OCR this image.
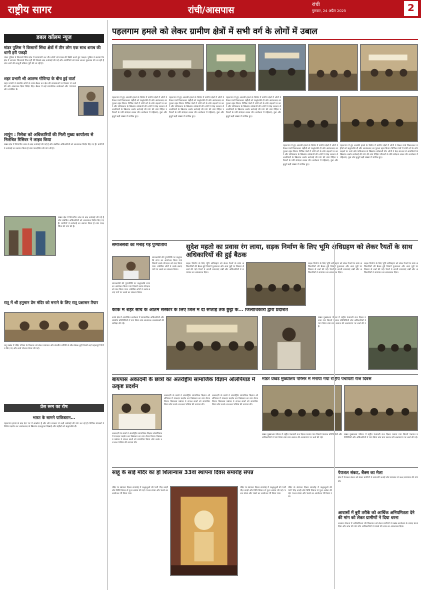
राष्ट्रीय सागर	रांची/आसपास
रांची
गुरुवार, 24 अप्रैल 2025	2
डबल कॉलम न्यूज
मांडर पुलिस ने किसानों सिंधा क्षेत्रों में तीन लोग एक साथ शराब की धानी हरी पकड़ी
मांडर पुलिस ने किसानों सिंधा क्षेत्र में छापामारी कर तीन लोगों को शराब की बिक्री करते हुए पकड़ा। पुलिस ने बताया कि क्षेत्र में लगातार शिकायतें मिल रही थीं जिसके बाद कार्रवाई की गई और आरोपियों को थाना लाकर पूछताछ की जा रही है तथा आगे की कानूनी प्रक्रिया पूरी की जा रही है।
शहर प्रभारी श्री आलम्ब गोविन्दा के बीच हुई वार्ता
शहर प्रभारी ने स्थानीय लोगों के साथ बैठक कर क्षेत्र की समस्याओं पर विस्तार से चर्चा की और आवश्यक दिशा निर्देश दिए। बैठक में कई सामाजिक कार्यकर्ता और गणमान्य लोग उपस्थित थे।
लापुंग : रिसेवा को अधिकारियों की मिली मुख्य कार्यालय से निलंबित रिसिवर ने लाइव किया
प्रखंड क्षेत्र में विभागीय जांच के बाद कार्रवाई की गई है और संबंधित अधिकारियों को आवश्यक निर्देश दिए गए हैं। ग्रामीणों ने कार्रवाई का स्वागत किया है तथा पारदर्शिता की मांग की है।
प्रखंड क्षेत्र में विभागीय जांच के बाद कार्रवाई की गई है और संबंधित अधिकारियों को आवश्यक निर्देश दिए गए हैं। ग्रामीणों ने कार्रवाई का स्वागत किया है तथा पारदर्शिता की मांग की है।
रातू में श्री हनुमान प्रेम मंदिर को मनाने के लिए रातू प्रशासन तैयार
रातू प्रखंड में मंदिर परिसर के विकास को लेकर प्रशासन और स्थानीय समिति के बीच बैठक हुई जिसमें कई महत्वपूर्ण निर्णय लिए गए और कार्य योजना तैयार की गई।
प्रेस रूम का रोष
भारत के सामने पाकिस्तान...
पहलगाम हमले के बाद देश भर में आक्रोश है और लोग सरकार से कड़ी कार्रवाई की मांग कर रहे हैं। विभिन्न संगठनों ने विरोध प्रदर्शन कर आतंकवाद के खिलाफ एकजुटता दिखाई और शहीदों को श्रद्धांजलि दी।
पहलगाम हमले को लेकर ग्रामीण क्षेत्रों में सभी वर्ग के लोगों में उबाल
पहलगाम में हुए आतंकी हमले के विरोध में ग्रामीण क्षेत्रों में लोगों ने कैंडल मार्च निकालकर शहीदों को श्रद्धांजलि दी और आतंकवाद का पुतला दहन किया। विभिन्न गांवों में सभी वर्ग के लोग सड़कों पर उतरे और पाकिस्तान के खिलाफ नारेबाजी की। लोगों ने केंद्र सरकार से आतंकियों के खिलाफ कठोर कार्रवाई की मांग की तथा पीड़ित परिवारों के प्रति संवेदना व्यक्त की। कार्यक्रम में महिलाएं, युवा और बुजुर्ग बड़ी संख्या में शामिल हुए।
पहलगाम में हुए आतंकी हमले के विरोध में ग्रामीण क्षेत्रों में लोगों ने कैंडल मार्च निकालकर शहीदों को श्रद्धांजलि दी और आतंकवाद का पुतला दहन किया। विभिन्न गांवों में सभी वर्ग के लोग सड़कों पर उतरे और पाकिस्तान के खिलाफ नारेबाजी की। लोगों ने केंद्र सरकार से आतंकियों के खिलाफ कठोर कार्रवाई की मांग की तथा पीड़ित परिवारों के प्रति संवेदना व्यक्त की। कार्यक्रम में महिलाएं, युवा और बुजुर्ग बड़ी संख्या में शामिल हुए।
पहलगाम में हुए आतंकी हमले के विरोध में ग्रामीण क्षेत्रों में लोगों ने कैंडल मार्च निकालकर शहीदों को श्रद्धांजलि दी और आतंकवाद का पुतला दहन किया। विभिन्न गांवों में सभी वर्ग के लोग सड़कों पर उतरे और पाकिस्तान के खिलाफ नारेबाजी की। लोगों ने केंद्र सरकार से आतंकियों के खिलाफ कठोर कार्रवाई की मांग की तथा पीड़ित परिवारों के प्रति संवेदना व्यक्त की। कार्यक्रम में महिलाएं, युवा और बुजुर्ग बड़ी संख्या में शामिल हुए।
पहलगाम में हुए आतंकी हमले के विरोध में ग्रामीण क्षेत्रों में लोगों ने कैंडल मार्च निकालकर शहीदों को श्रद्धांजलि दी और आतंकवाद का पुतला दहन किया। विभिन्न गांवों में सभी वर्ग के लोग सड़कों पर उतरे और पाकिस्तान के खिलाफ नारेबाजी की। लोगों ने केंद्र सरकार से आतंकियों के खिलाफ कठोर कार्रवाई की मांग की तथा पीड़ित परिवारों के प्रति संवेदना व्यक्त की। कार्यक्रम में महिलाएं, युवा और बुजुर्ग बड़ी संख्या में शामिल हुए।
पहलगाम में हुए आतंकी हमले के विरोध में ग्रामीण क्षेत्रों में लोगों ने कैंडल मार्च निकालकर शहीदों को श्रद्धांजलि दी और आतंकवाद का पुतला दहन किया। विभिन्न गांवों में सभी वर्ग के लोग सड़कों पर उतरे और पाकिस्तान के खिलाफ नारेबाजी की। लोगों ने केंद्र सरकार से आतंकियों के खिलाफ कठोर कार्रवाई की मांग की तथा पीड़ित परिवारों के प्रति संवेदना व्यक्त की। कार्यक्रम में महिलाएं, युवा और बुजुर्ग बड़ी संख्या में शामिल हुए।
समाजसेवी का मनाई गई पुण्यतिथि
समाजसेवी की पुण्यतिथि पर श्रद्धांजलि सभा का आयोजन किया गया जिसमें उनके योगदान को याद किया गया। उपस्थित लोगों ने उनके बताए मार्ग पर चलने का संकल्प लिया।
समाजसेवी की पुण्यतिथि पर श्रद्धांजलि सभा का आयोजन किया गया जिसमें उनके योगदान को याद किया गया। उपस्थित लोगों ने उनके बताए मार्ग पर चलने का संकल्प लिया।
सुदेश महतो का प्रवास रंग लाया, सड़क निर्माण के लिए भूमि अधिग्रहण को लेकर रैयतों के साथ अधिकारियों की हुई बैठक
सड़क निर्माण के लिए भूमि अधिग्रहण को लेकर रैयतों के साथ अधिकारियों की बैठक हुई जिसमें मुआवजा और अन्य मुद्दों पर विस्तार से चर्चा की गई। रैयतों ने अपनी समस्याएं रखीं और अधिकारियों ने समाधान का आश्वासन दिया।
सड़क निर्माण के लिए भूमि अधिग्रहण को लेकर रैयतों के साथ अधिकारियों की बैठक हुई जिसमें मुआवजा और अन्य मुद्दों पर विस्तार से चर्चा की गई। रैयतों ने अपनी समस्याएं रखीं और अधिकारियों ने समाधान का आश्वासन दिया।
सड़क निर्माण के लिए भूमि अधिग्रहण को लेकर रैयतों के साथ अधिकारियों की बैठक हुई जिसमें मुआवजा और अन्य मुद्दों पर विस्तार से चर्चा की गई। रैयतों ने अपनी समस्याएं रखीं और अधिकारियों ने समाधान का आश्वासन दिया।
कांके में शहर सांचे के अंतिम संस्कार के लिए जिले में दो सप्ताह तक छुट्टी के... जिलाधिकारी द्वारा प्रदर्शित
कांके क्षेत्र में आयोजित कार्यक्रम में प्रशासनिक अधिकारियों और स्थानीय प्रतिनिधियों ने भाग लिया तथा आवश्यक व्यवस्थाओं की समीक्षा की गई।
प्रखंड मुख्यालय परिसर में राष्ट्रीय पंचायती राज दिवस मनाया गया जिसमें पंचायत प्रतिनिधियों और अधिकारियों ने भाग लिया तथा ग्राम स्वराज की अवधारणा पर चर्चा की गई।
बायपास अकादमी के छात्रों का अंतर्राष्ट्रीय सामाजिक विज्ञान ओलंपियाड में उत्कृष्ट प्रदर्शन
अकादमी के छात्रों ने अंतर्राष्ट्रीय सामाजिक विज्ञान ओलंपियाड में शानदार प्रदर्शन कर विद्यालय का नाम रोशन किया। विद्यालय प्रबंधन ने सफल छात्रों को सम्मानित किया और उनके उज्ज्वल भविष्य की कामना की।
अकादमी के छात्रों ने अंतर्राष्ट्रीय सामाजिक विज्ञान ओलंपियाड में शानदार प्रदर्शन कर विद्यालय का नाम रोशन किया। विद्यालय प्रबंधन ने सफल छात्रों को सम्मानित किया और उनके उज्ज्वल भविष्य की कामना की।
अकादमी के छात्रों ने अंतर्राष्ट्रीय सामाजिक विज्ञान ओलंपियाड में शानदार प्रदर्शन कर विद्यालय का नाम रोशन किया। विद्यालय प्रबंधन ने सफल छात्रों को सम्मानित किया और उनके उज्ज्वल भविष्य की कामना की।
मांडर प्रखंड मुख्यालय परिसर में मनाया गया राष्ट्रीय पंचायती राज दिवस
प्रखंड मुख्यालय परिसर में राष्ट्रीय पंचायती राज दिवस मनाया गया जिसमें पंचायत प्रतिनिधियों और अधिकारियों ने भाग लिया तथा ग्राम स्वराज की अवधारणा पर चर्चा की गई।
प्रखंड मुख्यालय परिसर में राष्ट्रीय पंचायती राज दिवस मनाया गया जिसमें पंचायत प्रतिनिधियों और अधिकारियों ने भाग लिया तथा ग्राम स्वराज की अवधारणा पर चर्चा की गई।
साहू के साई मंदिर का हो शिलान्यास 33वां स्थापना दिवस समारोह संपन्न
मंदिर के स्थापना दिवस समारोह में श्रद्धालुओं की भारी भीड़ उमड़ी और विधि विधान से पूजा अर्चना की गई। भजन संध्या और भंडारे का आयोजन भी किया गया।
मंदिर के स्थापना दिवस समारोह में श्रद्धालुओं की भारी भीड़ उमड़ी और विधि विधान से पूजा अर्चना की गई। भजन संध्या और भंडारे का आयोजन भी किया गया।
मंदिर के स्थापना दिवस समारोह में श्रद्धालुओं की भारी भीड़ उमड़ी और विधि विधान से पूजा अर्चना की गई। भजन संध्या और भंडारे का आयोजन भी किया गया।
पेयजल संकट, बैंक्स का मेला
क्षेत्र में पेयजल संकट को लेकर ग्रामीणों ने नाराजगी जताई और प्रशासन से जल्द समाधान की मांग की।
आवासों में बुरी तरीके को आर्थिक अनियमितता देने की मांग को लेकर ग्रामीणों ने दिया धरना
आवास योजना में अनियमितता की शिकायत को लेकर ग्रामीणों ने प्रखंड कार्यालय के समक्ष धरना दिया और जांच की मांग की। अधिकारियों ने मामले की जांच का आश्वासन दिया।
